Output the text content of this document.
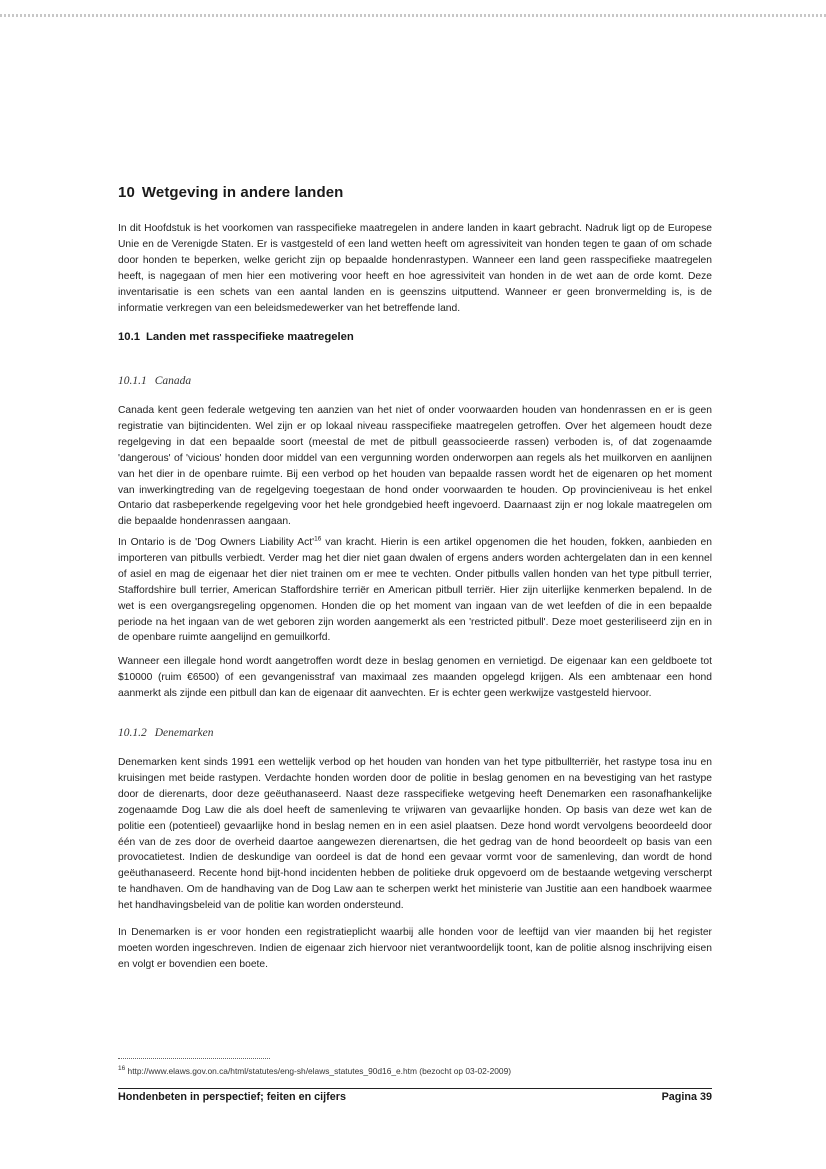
10 Wetgeving in andere landen

In dit Hoofdstuk is het voorkomen van rasspecifieke maatregelen in andere landen in kaart gebracht. Nadruk ligt op de Europese Unie en de Verenigde Staten. Er is vastgesteld of een land wetten heeft om agressiviteit van honden tegen te gaan of om schade door honden te beperken, welke gericht zijn op bepaalde hondenrastypen. Wanneer een land geen rasspecifieke maatregelen heeft, is nagegaan of men hier een motivering voor heeft en hoe agressiviteit van honden in de wet aan de orde komt. Deze inventarisatie is een schets van een aantal landen en is geenszins uitputtend. Wanneer er geen bronvermelding is, is de informatie verkregen van een beleidsmedewerker van het betreffende land.

10.1 Landen met rasspecifieke maatregelen
10.1.1 Canada

Canada kent geen federale wetgeving ten aanzien van het niet of onder voorwaarden houden van hondenrassen en er is geen registratie van bijtincidenten. Wel zijn er op lokaal niveau rasspecifieke maatregelen getroffen. Over het algemeen houdt deze regelgeving in dat een bepaalde soort (meestal de met de pitbull geassocieerde rassen) verboden is, of dat zogenaamde 'dangerous' of 'vicious' honden door middel van een vergunning worden onderworpen aan regels als het muilkorven en aanlijnen van het dier in de openbare ruimte. Bij een verbod op het houden van bepaalde rassen wordt het de eigenaren op het moment van inwerkingtreding van de regelgeving toegestaan de hond onder voorwaarden te houden. Op provincieniveau is het enkel Ontario dat rasbeperkende regelgeving voor het hele grondgebied heeft ingevoerd. Daarnaast zijn er nog lokale maatregelen om die bepaalde hondenrassen aangaan.

In Ontario is de 'Dog Owners Liability $Act'^{16}$ van kracht. Hierin is een artikel opgenomen die het houden, fokken, aanbieden en importeren van pitbulls verbiedt. Verder mag het dier niet gaan dwalen of ergens anders worden achtergelaten dan in een kennel of asiel en mag de eigenaar het dier niet trainen om er mee te vechten. Onder pitbulls vallen honden van het type pitbull terrier, Staffordshire bull terrier, American Staffordshire terriër en American pitbull terriër. Hier zijn uiterlijke kenmerken bepalend. In de wet is een overgangsregeling opgenomen. Honden die op het moment van ingaan van de wet leefden of die in een bepaalde periode na het ingaan van de wet geboren zijn worden aangemerkt als een 'restricted pitbull'. Deze moet gesteriliseerd zijn en in de openbare ruimte aangelijnd en gemuilkorfd.

Wanneer een illegale hond wordt aangetroffen wordt deze in beslag genomen en vernietigd. De eigenaar kan een geldboete tot $10000 (ruim €6500) of een gevangenisstraf van maximaal zes maanden opgelegd krijgen. Als een ambtenaar een hond aanmerkt als zijnde een pitbull dan kan de eigenaar dit aanvechten. Er is echter geen werkwijze vastgesteld hiervoor.

10.1.2 Denemarken

Denemarken kent sinds 1991 een wettelijk verbod op het houden van honden van het type pitbullterriër, het rastype tosa inu en kruisingen met beide rastypen. Verdachte honden worden door de politie in beslag genomen en na bevestiging van het rastype door de dierenarts, door deze geëuthanaseerd. Naast deze rasspecifieke wetgeving heeft Denemarken een rasonafhankelijke zogenaamde Dog Law die als doel heeft de samenleving te vrijwaren van gevaarlijke honden. Op basis van deze wet kan de politie een (potentieel) gevaarlijke hond in beslag nemen en in een asiel plaatsen. Deze hond wordt vervolgens beoordeeld door één van de zes door de overheid daartoe aangewezen dierenartsen, die het gedrag van de hond beoordeelt op basis van een provocatietest. Indien de deskundige van oordeel is dat de hond een gevaar vormt voor de samenleving, dan wordt de hond geëuthanaseerd. Recente hond bijt-hond incidenten hebben de politieke druk opgevoerd om de bestaande wetgeving verscherpt te handhaven. Om de handhaving van de Dog Law aan te scherpen werkt het ministerie van Justitie aan een handboek waarmee het handhavingsbeleid van de politie kan worden ondersteund.

In Denemarken is er voor honden een registratieplicht waarbij alle honden voor de leeftijd van vier maanden bij het register moeten worden ingeschreven. Indien de eigenaar zich hiervoor niet verantwoordelijk toont, kan de politie alsnog inschrijving eisen en volgt er bovendien een boete.

$^{16}$ http://www.elaws.gov.on.ca/html/statutes/eng-sh/elaws_statutes_90d16_e.htm (bezocht op 03-02-2009)

Hondenbeten in perspectief; feiten en cijfers	Pagina 39
